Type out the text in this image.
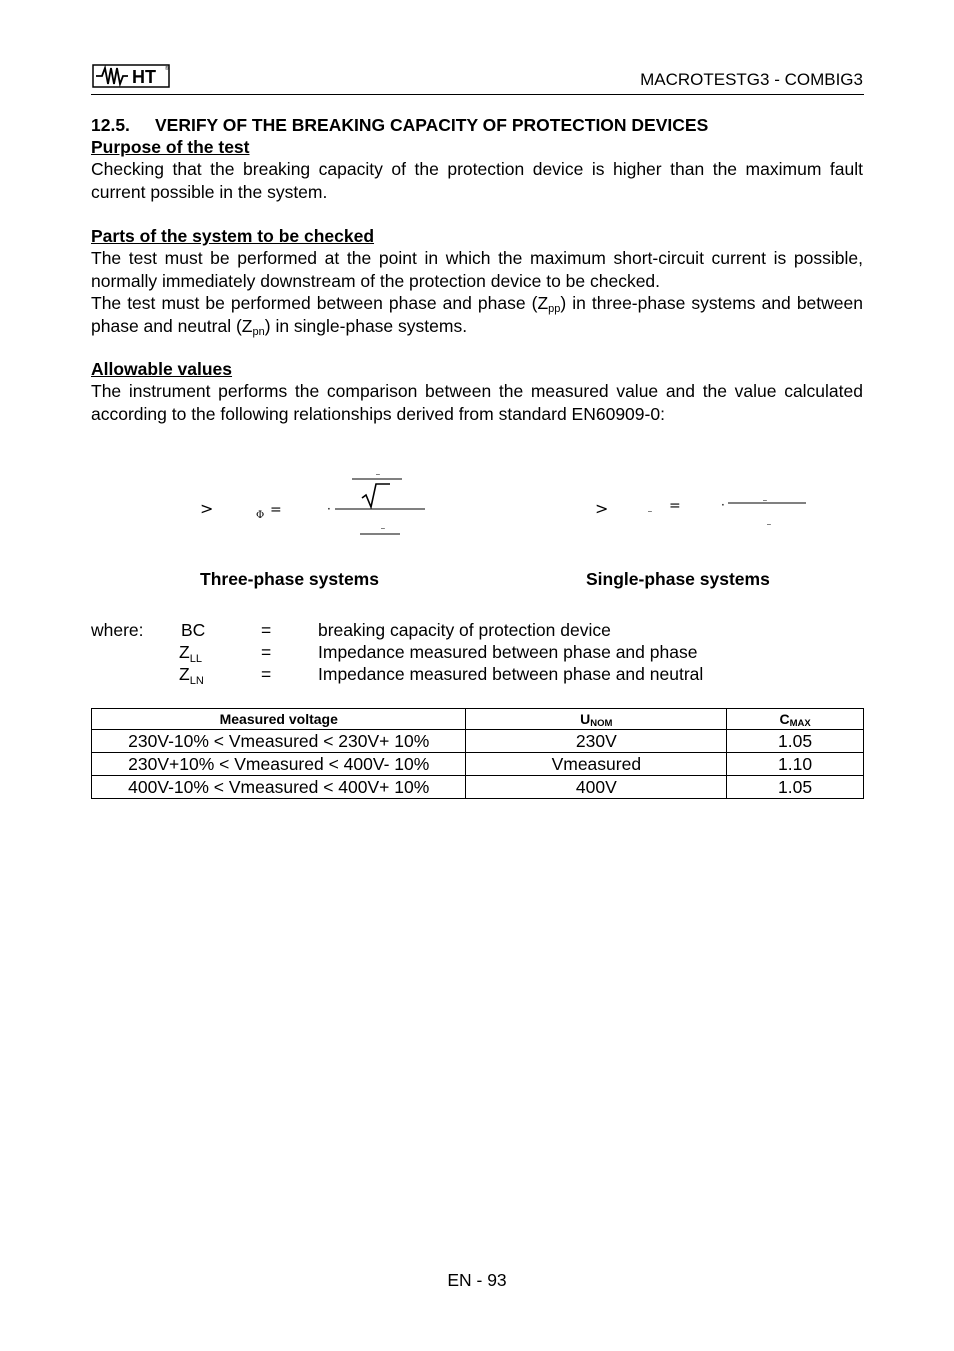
HT ®
MACROTESTG3 - COMBIG3
12.5. VERIFY OF THE BREAKING CAPACITY OF PROTECTION DEVICES
Purpose of the test
Checking that the breaking capacity of the protection device is higher than the maximum fault current possible in the system.
Parts of the system to be checked
The test must be performed at the point in which the maximum short-circuit current is possible, normally immediately downstream of the protection device to be checked.
The test must be performed between phase and phase $(Z_{pp})$ in three-phase systems and between phase and neutral $(Z_{pn})$ in single-phase systems.
Allowable values
The instrument performs the comparison between the measured value and the value calculated according to the following relationships derived from standard EN60909-0:
>	Φ =	·
–
–
>	– =	·	–
–
Three-phase systems	Single-phase systems
where: BC	=	breaking capacity of protection device
$Z_{LL}$	=	Impedance measured between phase and phase
$Z_{LN}$	=	Impedance measured between phase and neutral
Measured voltage	$U_{NOM}$	$C_{MAX}$
230V-10% < Vmeasured < 230V+ 10%	230V	1.05
230V+10% < Vmeasured < 400V- 10%	Vmeasured	1.10
400V-10% < Vmeasured < 400V+ 10%	400V	1.05
EN - 93
